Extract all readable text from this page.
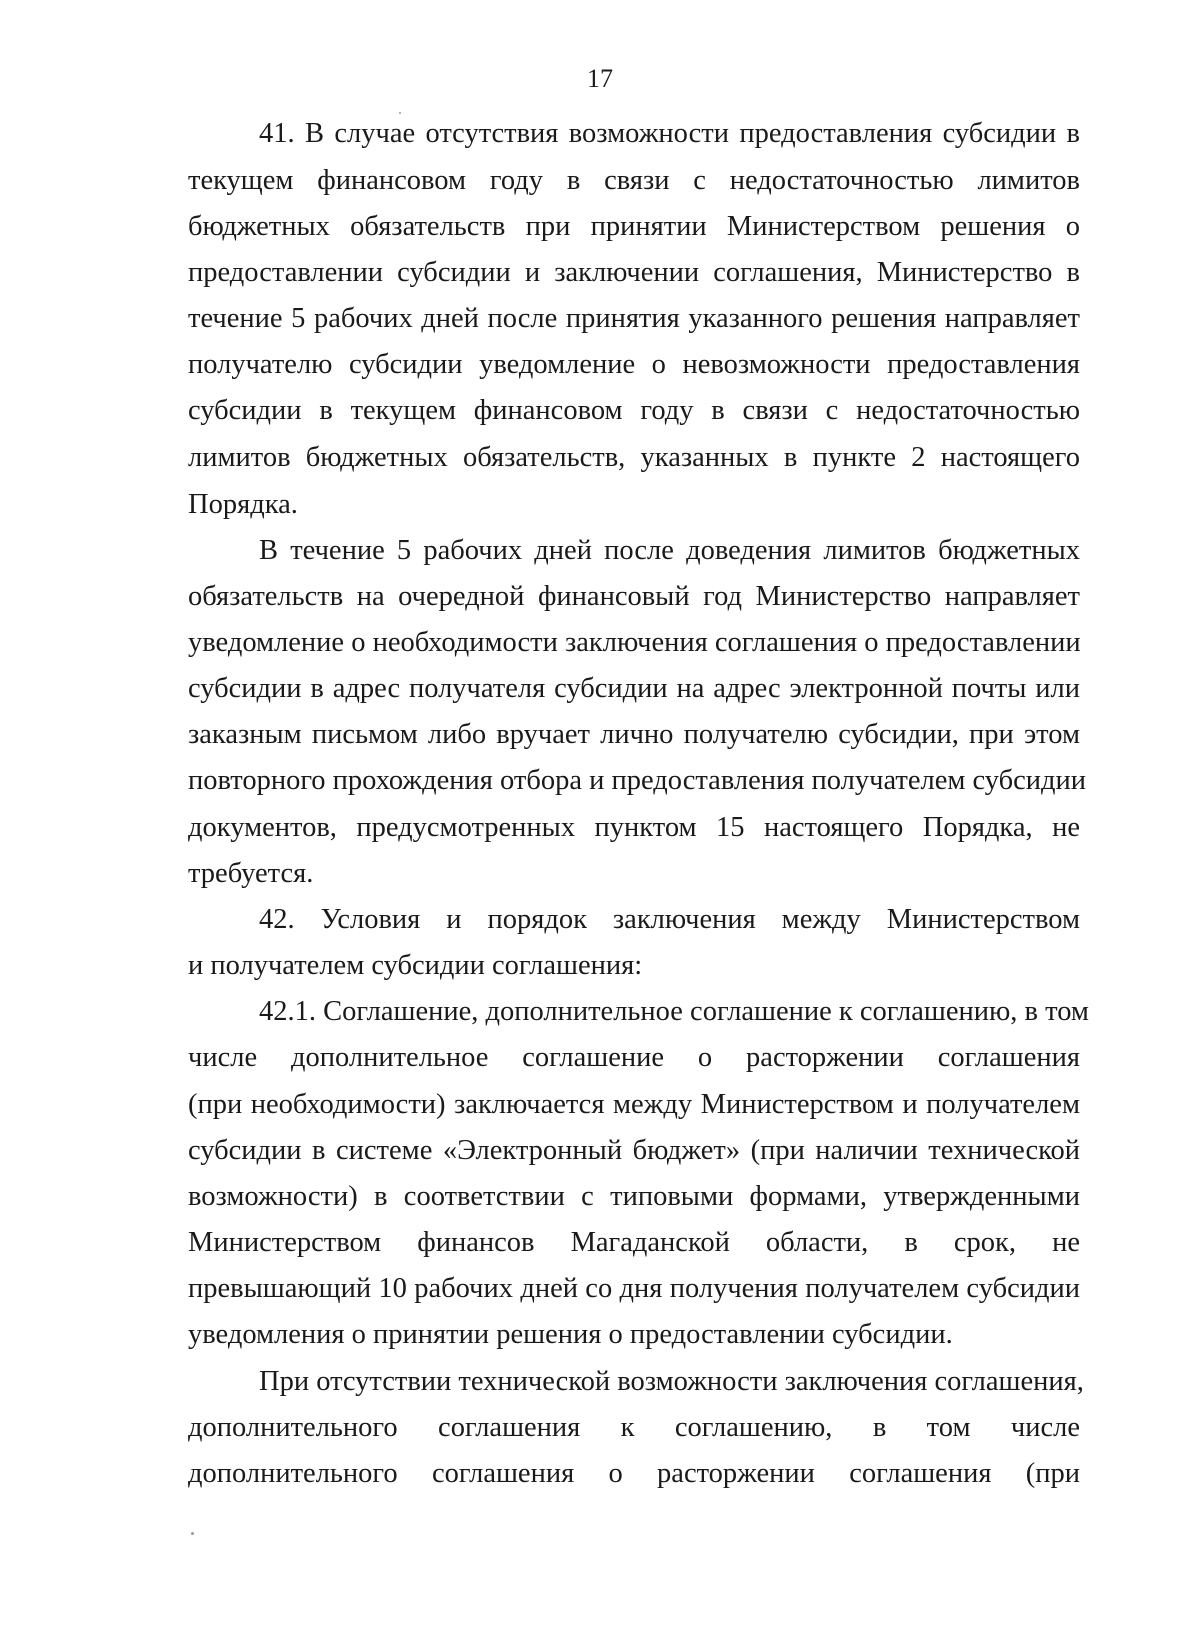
17
41. В случае отсутствия возможности предоставления субсидии в
текущем финансовом году в связи с недостаточностью лимитов
бюджетных обязательств при принятии Министерством решения о
предоставлении субсидии и заключении соглашения, Министерство в
течение 5 рабочих дней после принятия указанного решения направляет
получателю субсидии уведомление о невозможности предоставления
субсидии в текущем финансовом году в связи с недостаточностью
лимитов бюджетных обязательств, указанных в пункте 2 настоящего
Порядка.
В течение 5 рабочих дней после доведения лимитов бюджетных
обязательств на очередной финансовый год Министерство направляет
уведомление о необходимости заключения соглашения о предоставлении
субсидии в адрес получателя субсидии на адрес электронной почты или
заказным письмом либо вручает лично получателю субсидии, при этом
повторного прохождения отбора и предоставления получателем субсидии
документов, предусмотренных пунктом 15 настоящего Порядка, не
требуется.
42. Условия и порядок заключения между Министерством
и получателем субсидии соглашения:
42.1. Соглашение, дополнительное соглашение к соглашению, в том
числе дополнительное соглашение о расторжении соглашения
(при необходимости) заключается между Министерством и получателем
субсидии в системе «Электронный бюджет» (при наличии технической
возможности) в соответствии с типовыми формами, утвержденными
Министерством финансов Магаданской области, в срок, не
превышающий 10 рабочих дней со дня получения получателем субсидии
уведомления о принятии решения о предоставлении субсидии.
При отсутствии технической возможности заключения соглашения,
дополнительного соглашения к соглашению, в том числе
дополнительного соглашения о расторжении соглашения (при
